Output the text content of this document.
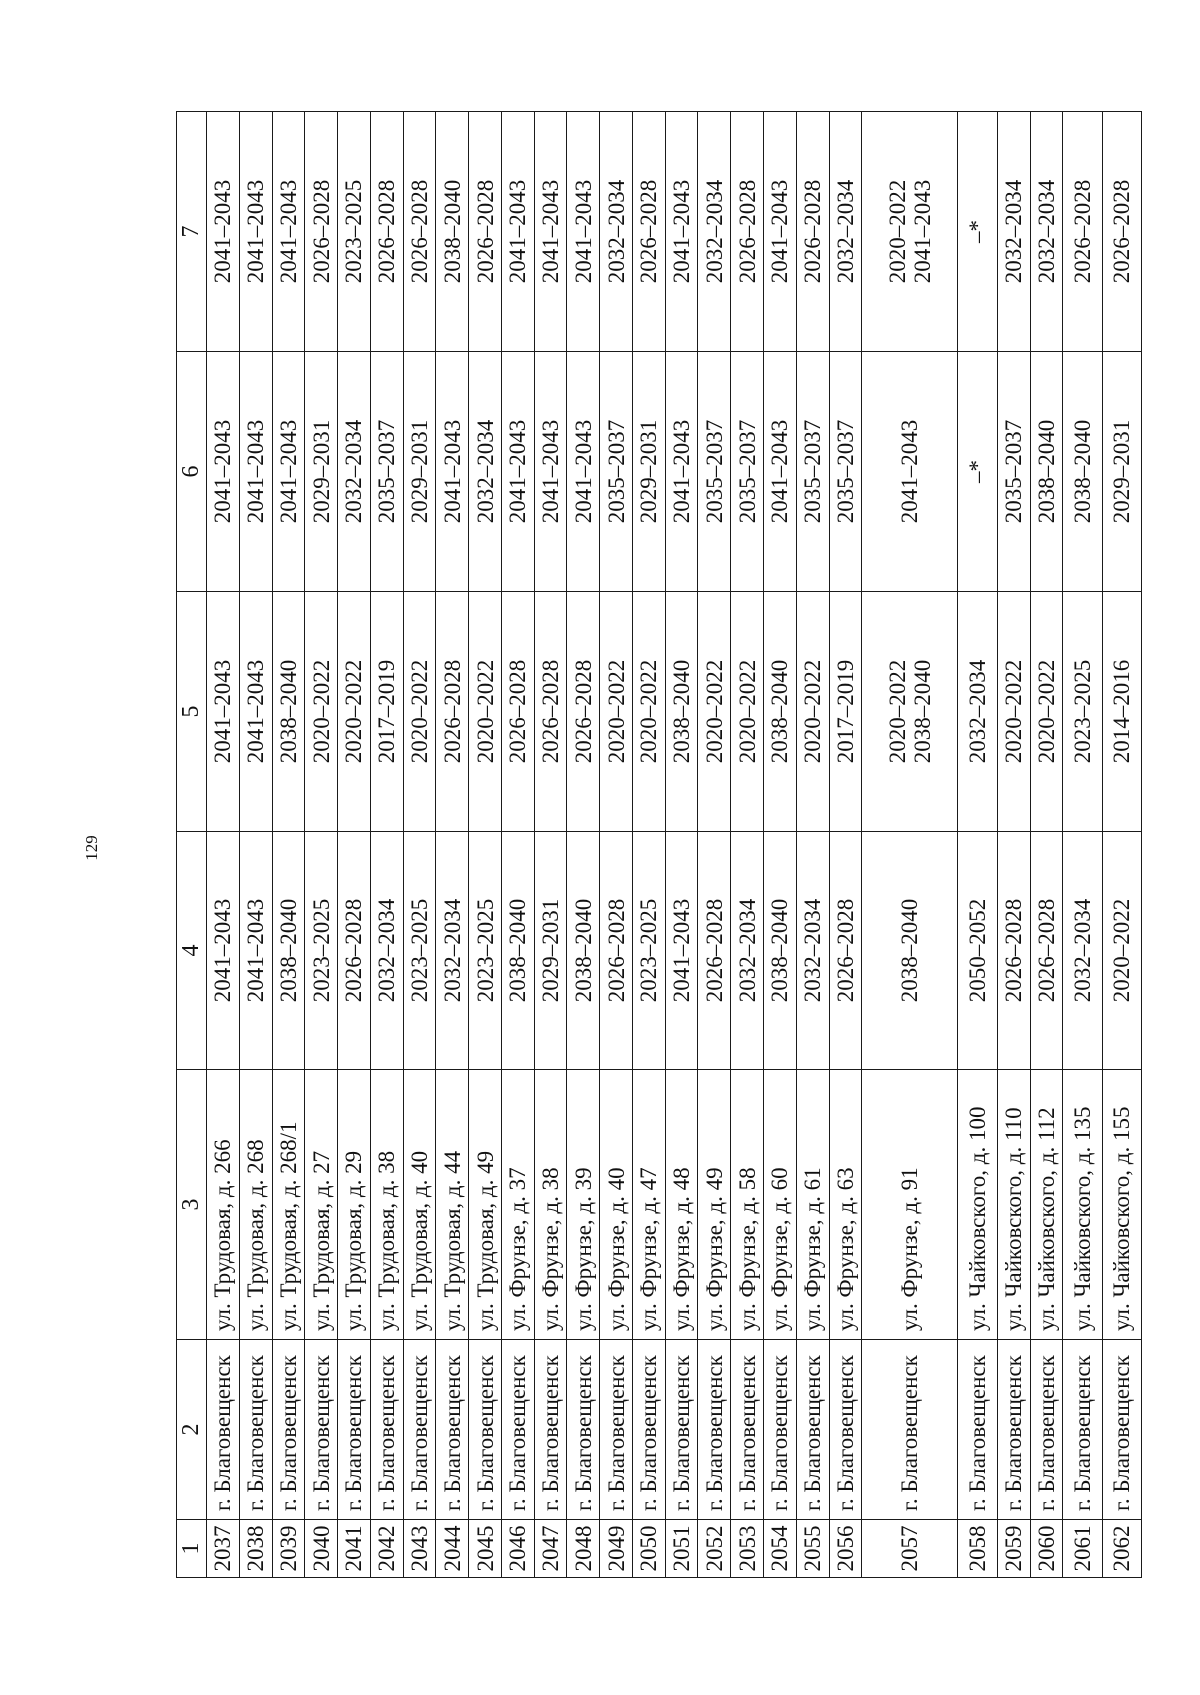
129
1	2	3	4	5	6	7
2037	г. Благовещенск	ул. Трудовая, д. 266	2041–2043	2041–2043	2041–2043	2041–2043

2038	г. Благовещенск	ул. Трудовая, д. 268	2041–2043	2041–2043	2041–2043	2041–2043

2039	г. Благовещенск	ул. Трудовая, д. 268/1	2038–2040	2038–2040	2041–2043	2041–2043

2040	г. Благовещенск	ул. Трудовая, д. 27	2023–2025	2020–2022	2029–2031	2026–2028

2041	г. Благовещенск	ул. Трудовая, д. 29	2026–2028	2020–2022	2032–2034	2023–2025

2042	г. Благовещенск	ул. Трудовая, д. 38	2032–2034	2017–2019	2035–2037	2026–2028

2043	г. Благовещенск	ул. Трудовая, д. 40	2023–2025	2020–2022	2029–2031	2026–2028

2044	г. Благовещенск	ул. Трудовая, д. 44	2032–2034	2026–2028	2041–2043	2038–2040

2045	г. Благовещенск	ул. Трудовая, д. 49	2023–2025	2020–2022	2032–2034	2026–2028

2046	г. Благовещенск	ул. Фрунзе, д. 37	2038–2040	2026–2028	2041–2043	2041–2043

2047	г. Благовещенск	ул. Фрунзе, д. 38	2029–2031	2026–2028	2041–2043	2041–2043

2048	г. Благовещенск	ул. Фрунзе, д. 39	2038–2040	2026–2028	2041–2043	2041–2043

2049	г. Благовещенск	ул. Фрунзе, д. 40	2026–2028	2020–2022	2035–2037	2032–2034

2050	г. Благовещенск	ул. Фрунзе, д. 47	2023–2025	2020–2022	2029–2031	2026–2028

2051	г. Благовещенск	ул. Фрунзе, д. 48	2041–2043	2038–2040	2041–2043	2041–2043

2052	г. Благовещенск	ул. Фрунзе, д. 49	2026–2028	2020–2022	2035–2037	2032–2034

2053	г. Благовещенск	ул. Фрунзе, д. 58	2032–2034	2020–2022	2035–2037	2026–2028

2054	г. Благовещенск	ул. Фрунзе, д. 60	2038–2040	2038–2040	2041–2043	2041–2043

2055	г. Благовещенск	ул. Фрунзе, д. 61	2032–2034	2020–2022	2035–2037	2026–2028

2056	г. Благовещенск	ул. Фрунзе, д. 63	2026–2028	2017–2019	2035–2037	2032–2034

2057	г. Благовещенск	ул. Фрунзе, д. 91	2038–2040	2020–2022 2038–2040	2041–2043	2020–2022 2041–2043

2058	г. Благовещенск	ул. Чайковского, д. 100	2050–2052	2032–2034	–*	–*

2059	г. Благовещенск	ул. Чайковского, д. 110	2026–2028	2020–2022	2035–2037	2032–2034

2060	г. Благовещенск	ул. Чайковского, д. 112	2026–2028	2020–2022	2038–2040	2032–2034

2061	г. Благовещенск	ул. Чайковского, д. 135	2032–2034	2023–2025	2038–2040	2026–2028

2062	г. Благовещенск	ул. Чайковского, д. 155	2020–2022	2014–2016	2029–2031	2026–2028
